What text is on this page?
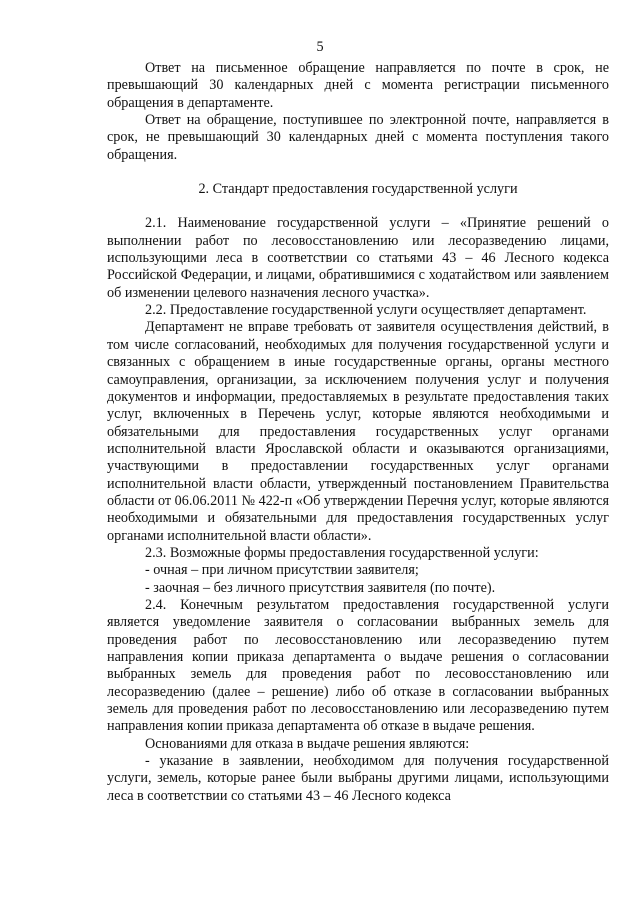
5

Ответ на письменное обращение направляется по почте в срок, не превышающий 30 календарных дней с момента регистрации письменного обращения в департаменте.

Ответ на обращение, поступившее по электронной почте, направляется в срок, не превышающий 30 календарных дней с момента поступления такого обращения.

2. Стандарт предоставления государственной услуги

2.1. Наименование государственной услуги – «Принятие решений о выполнении работ по лесовосстановлению или лесоразведению лицами, использующими леса в соответствии со статьями 43 – 46 Лесного кодекса Российской Федерации, и лицами, обратившимися с ходатайством или заявлением об изменении целевого назначения лесного участка».

2.2. Предоставление государственной услуги осуществляет департамент.

Департамент не вправе требовать от заявителя осуществления действий, в том числе согласований, необходимых для получения государственной услуги и связанных с обращением в иные государственные органы, органы местного самоуправления, организации, за исключением получения услуг и получения документов и информации, предоставляемых в результате предоставления таких услуг, включенных в Перечень услуг, которые являются необходимыми и обязательными для предоставления государственных услуг органами исполнительной власти Ярославской области и оказываются организациями, участвующими в предоставлении государственных услуг органами исполнительной власти области, утвержденный постановлением Правительства области от 06.06.2011 № 422-п «Об утверждении Перечня услуг, которые являются необходимыми и обязательными для предоставления государственных услуг органами исполнительной власти области».

2.3. Возможные формы предоставления государственной услуги:

- очная – при личном присутствии заявителя;

- заочная – без личного присутствия заявителя (по почте).

2.4. Конечным результатом предоставления государственной услуги является уведомление заявителя о согласовании выбранных земель для проведения работ по лесовосстановлению или лесоразведению путем направления копии приказа департамента о выдаче решения о согласовании выбранных земель для проведения работ по лесовосстановлению или лесоразведению (далее – решение) либо об отказе в согласовании выбранных земель для проведения работ по лесовосстановлению или лесоразведению путем направления копии приказа департамента об отказе в выдаче решения.

Основаниями для отказа в выдаче решения являются:

- указание в заявлении, необходимом для получения государственной услуги, земель, которые ранее были выбраны другими лицами, использующими леса в соответствии со статьями 43 – 46 Лесного кодекса
